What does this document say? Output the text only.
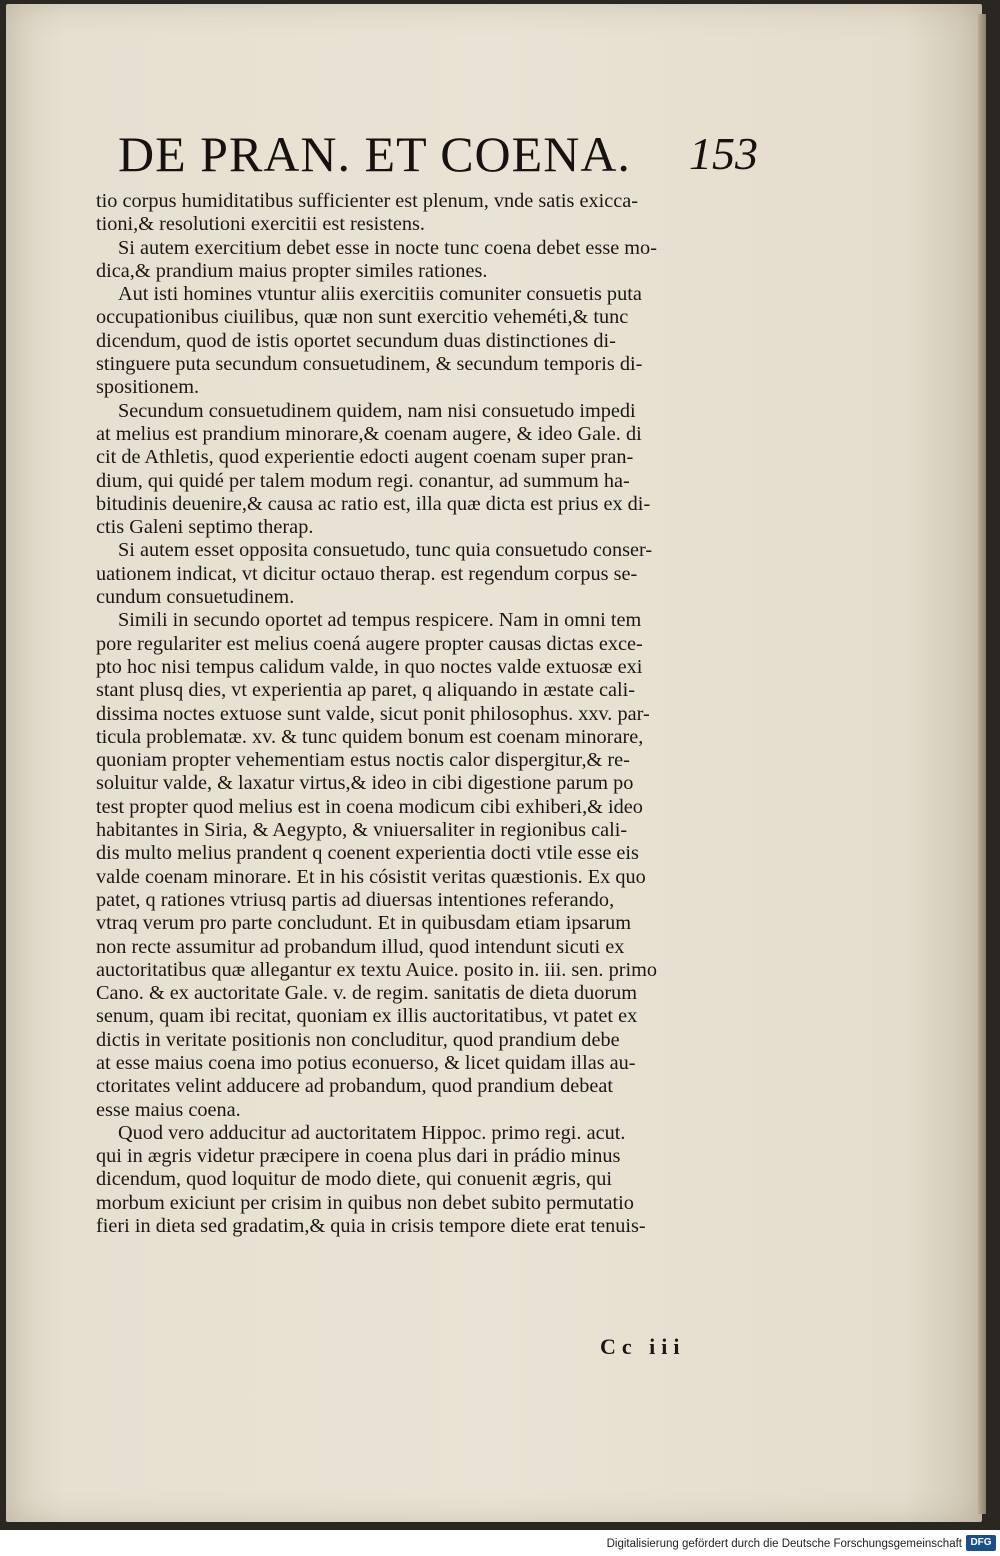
DE PRAN. ET COENA. 153
tio corpus humiditatibus sufficienter est plenum, vnde satis exicca-
tioni,& resolutioni exercitii est resistens.
Si autem exercitium debet esse in nocte tunc coena debet esse mo-
dica,& prandium maius propter similes rationes.
Aut isti homines vtuntur aliis exercitiis comuniter consuetis puta
occupationibus ciuilibus, quæ non sunt exercitio veheméti,& tunc
dicendum, quod de istis oportet secundum duas distinctiones di-
stinguere puta secundum consuetudinem, & secundum temporis di-
spositionem.
Secundum consuetudinem quidem, nam nisi consuetudo impedi
at melius est prandium minorare,& coenam augere, & ideo Gale. di
cit de Athletis, quod experientie edocti augent coenam super pran-
dium, qui quidé per talem modum regi. conantur, ad summum ha-
bitudinis deuenire,& causa ac ratio est, illa quæ dicta est prius ex di-
ctis Galeni septimo therap.
Si autem esset opposita consuetudo, tunc quia consuetudo conser-
uationem indicat, vt dicitur octauo therap. est regendum corpus se-
cundum consuetudinem.
Simili in secundo oportet ad tempus respicere. Nam in omni tem
pore regulariter est melius coená augere propter causas dictas exce-
pto hoc nisi tempus calidum valde, in quo noctes valde extuosæ exi
stant plusq dies, vt experientia ap paret, q aliquando in æstate cali-
dissima noctes extuose sunt valde, sicut ponit philosophus. xxv. par-
ticula problematæ. xv. & tunc quidem bonum est coenam minorare,
quoniam propter vehementiam estus noctis calor dispergitur,& re-
soluitur valde, & laxatur virtus,& ideo in cibi digestione parum po
test propter quod melius est in coena modicum cibi exhiberi,& ideo
habitantes in Siria, & Aegypto, & vniuersaliter in regionibus cali-
dis multo melius prandent q coenent experientia docti vtile esse eis
valde coenam minorare. Et in his cósistit veritas quæstionis. Ex quo
patet, q rationes vtriusq partis ad diuersas intentiones referando,
vtraq verum pro parte concludunt. Et in quibusdam etiam ipsarum
non recte assumitur ad probandum illud, quod intendunt sicuti ex
auctoritatibus quæ allegantur ex textu Auice. posito in. iii. sen. primo
Cano. & ex auctoritate Gale. v. de regim. sanitatis de dieta duorum
senum, quam ibi recitat, quoniam ex illis auctoritatibus, vt patet ex
dictis in veritate positionis non concluditur, quod prandium debe
at esse maius coena imo potius econuerso, & licet quidam illas au-
ctoritates velint adducere ad probandum, quod prandium debeat
esse maius coena.
Quod vero adducitur ad auctoritatem Hippoc. primo regi. acut.
qui in ægris videtur præcipere in coena plus dari in prádio minus
dicendum, quod loquitur de modo diete, qui conuenit ægris, qui
morbum exiciunt per crisim in quibus non debet subito permutatio
fieri in dieta sed gradatim,& quia in crisis tempore diete erat tenuis-
Cc iii
Digitalisierung gefördert durch die Deutsche Forschungsgemeinschaft DFG
